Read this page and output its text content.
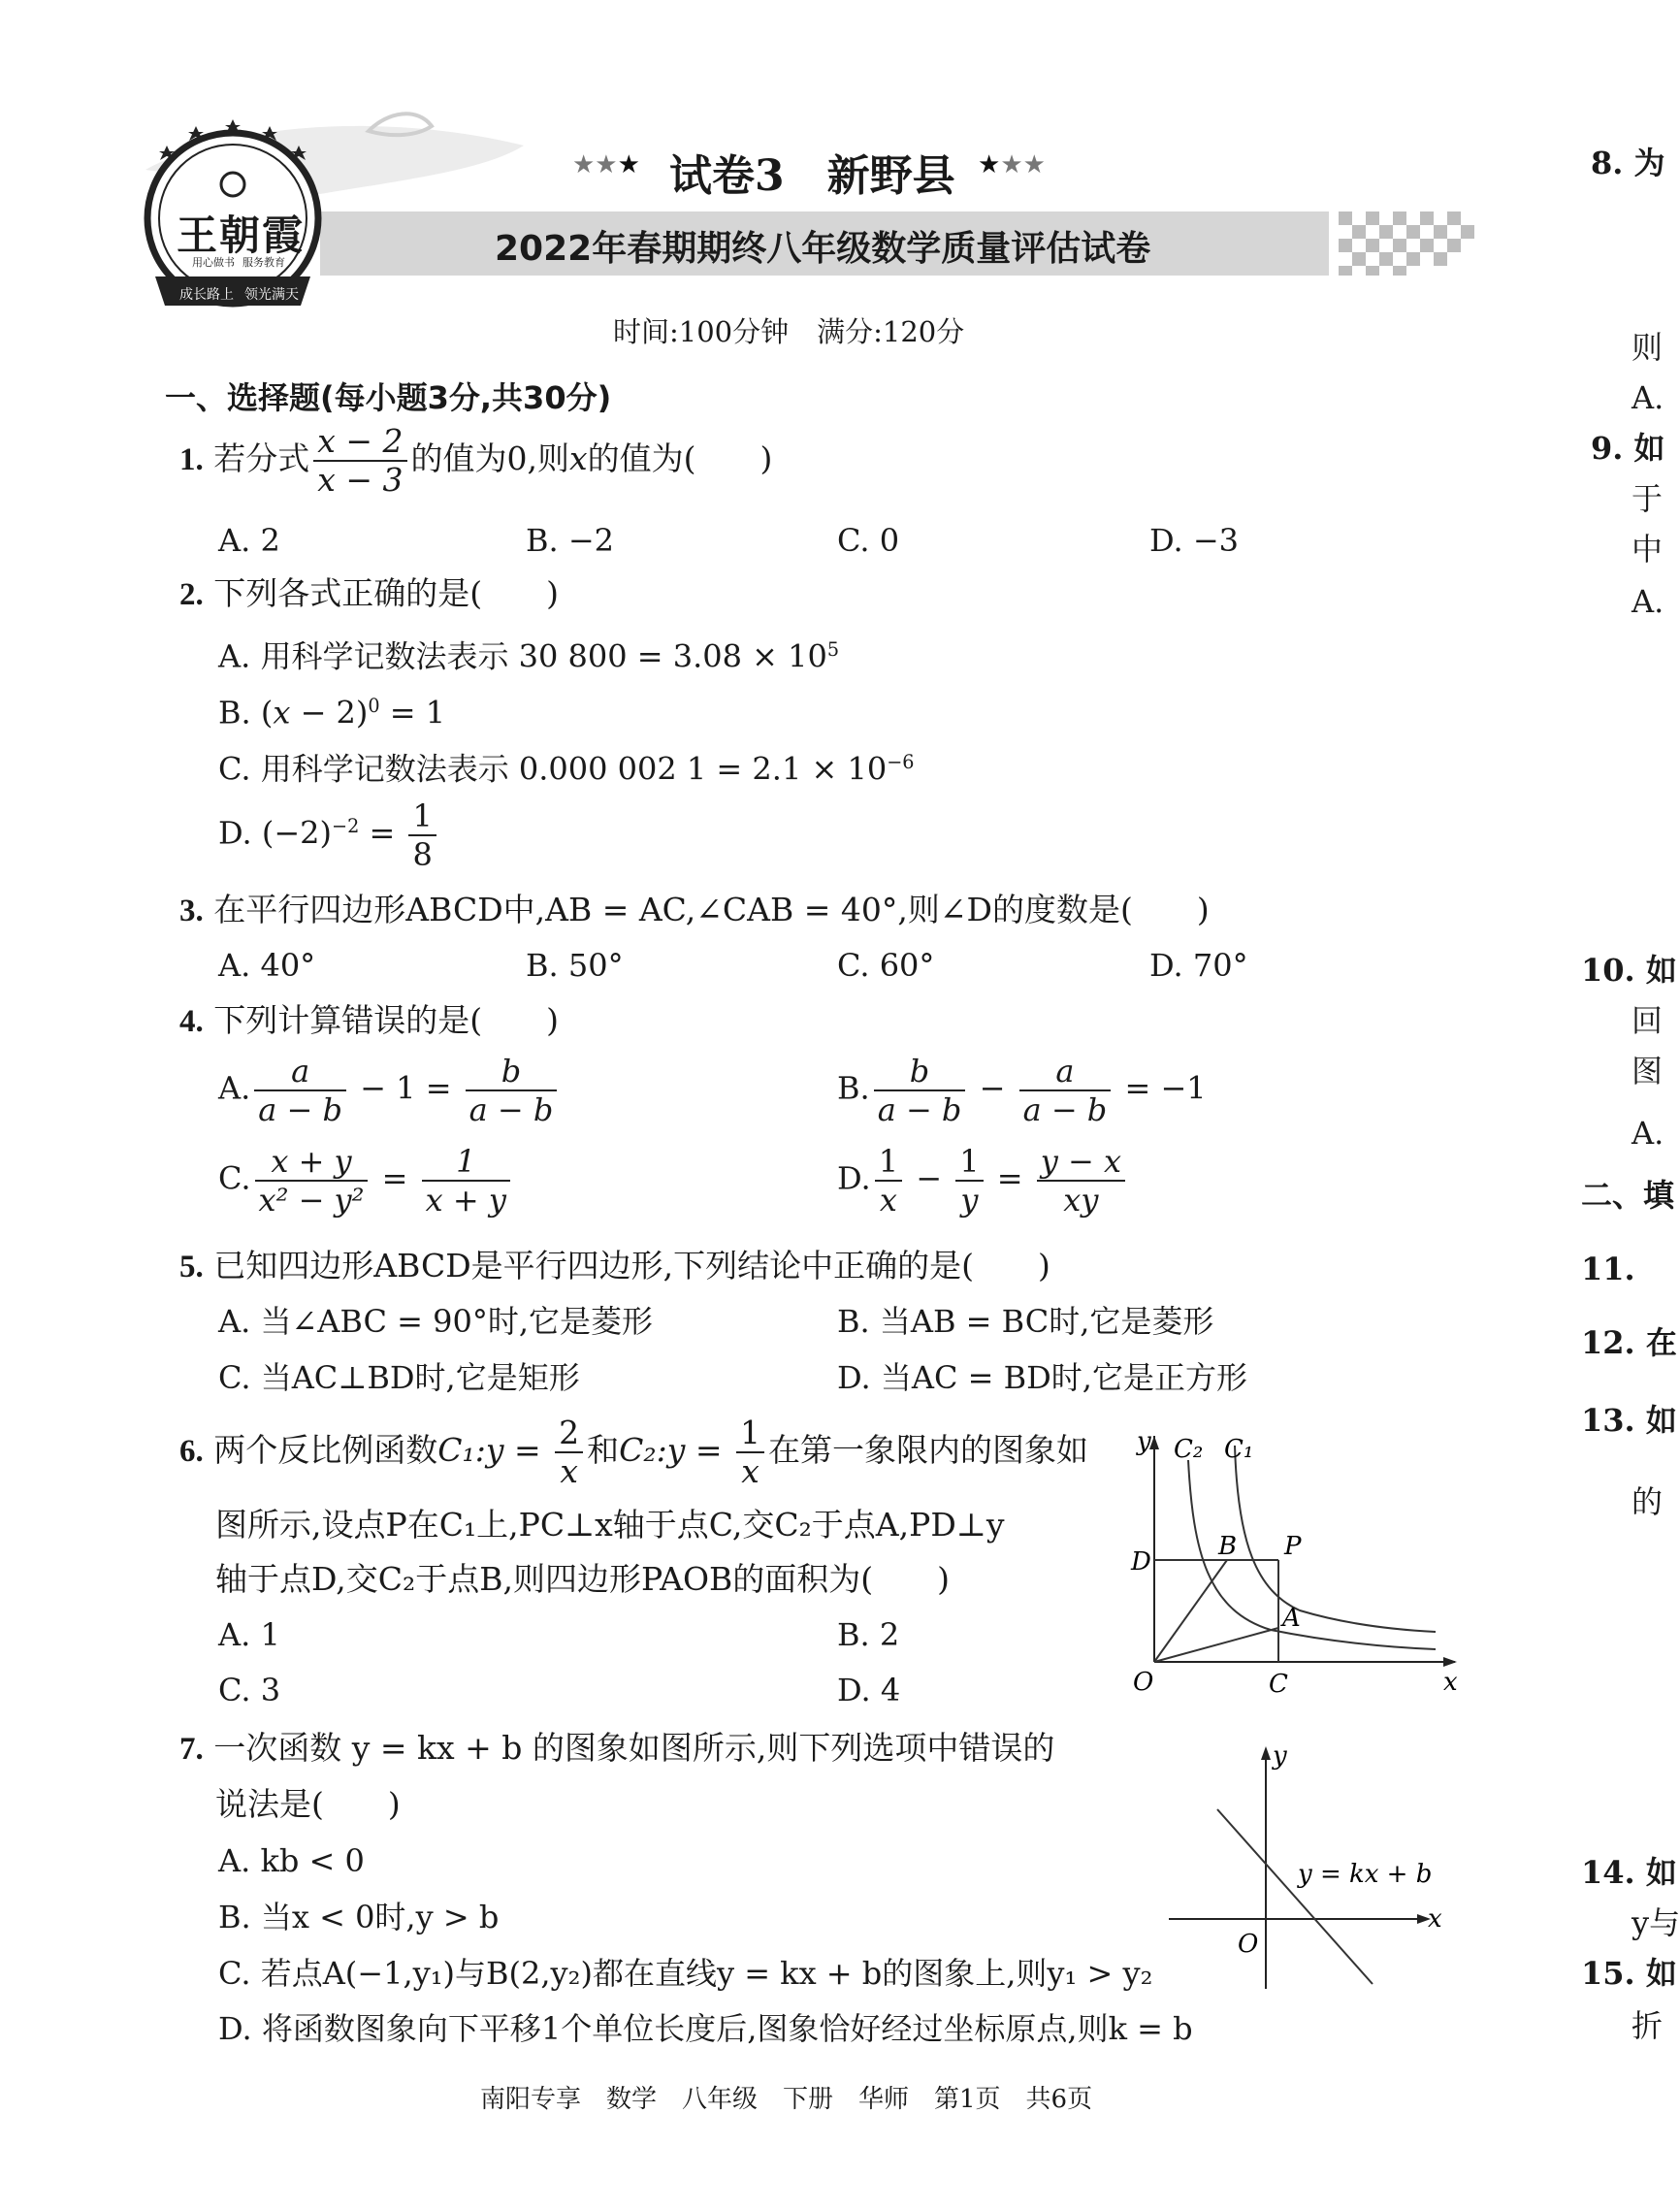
王朝霞
用心做书 服务教育
成长路上 领光满天
★★★ 试卷3　新野县 ★★★
2022年春期期终八年级数学质量评估试卷
时间:100分钟　满分:120分
一、选择题(每小题3分,共30分)
1. 若分式 $\frac{x - 2}{x - 3}$ 的值为0,则x的值为(　　)
A. 2	B. −2	C. 0	D. −3
2. 下列各式正确的是(　　)
A. 用科学记数法表示 30 $800 = 3.08 \times 10^5$
B. $(x - 2)^0 = 1$
C. 用科学记数法表示 0.000 002 $1 = 2.1 \times 10^{-6}$
D. $(-2)^{-2} = \frac{1}{8}$
3. 在平行四边形ABCD中,AB = AC,∠CAB = 40°,则∠D的度数是(　　)
A. 40°	B. 50°	C. 60°	D. 70°
4. 下列计算错误的是(　　)
A. $\frac{a}{a - b} - 1 = \frac{b}{a - b}$	B. $\frac{b}{a - b} - \frac{a}{a - b} = -1$
C. $\frac{x + y}{\text{x² − y²}} = \frac{1}{x + y}$	D. $\frac{1}{x} - \frac{1}{y} = \frac{y - x}{xy}$
5. 已知四边形ABCD是平行四边形,下列结论中正确的是(　　)
A. 当∠ABC = 90°时,它是菱形	B. 当AB = BC时,它是菱形
C. 当AC⊥BD时,它是矩形	D. 当AC = BD时,它是正方形
6. 两个反比例函数C₁:y = $\frac{2}{x}$ 和C₂:y = $\frac{1}{x}$ 在第一象限内的图象如
图所示,设点P在C₁上,PC⊥x轴于点C,交C₂于点A,PD⊥y
轴于点D,交C₂于点B,则四边形PAOB的面积为(　　)
A. 1	B. 2
C. 3	D. 4
y
x
C₂ C₁
B P
D
A
O	C
7. 一次函数 y = kx + b 的图象如图所示,则下列选项中错误的
说法是(　　)
A. kb < 0
B. 当x < 0时,y > b
C. 若点A(−1,y₁)与B(2,y₂)都在直线y = kx + b的图象上,则y₁ > y₂
D. 将函数图象向下平移1个单位长度后,图象恰好经过坐标原点,则k = b
y
x
y = kx + b
O
8. 为
则
A.
9. 如
于
中
A.
10. 如
回
图
A.
二、填
11.
12. 在
13. 如
的
14. 如
y与
15. 如
折
南阳专享　数学　八年级　下册　华师　第1页　共6页
